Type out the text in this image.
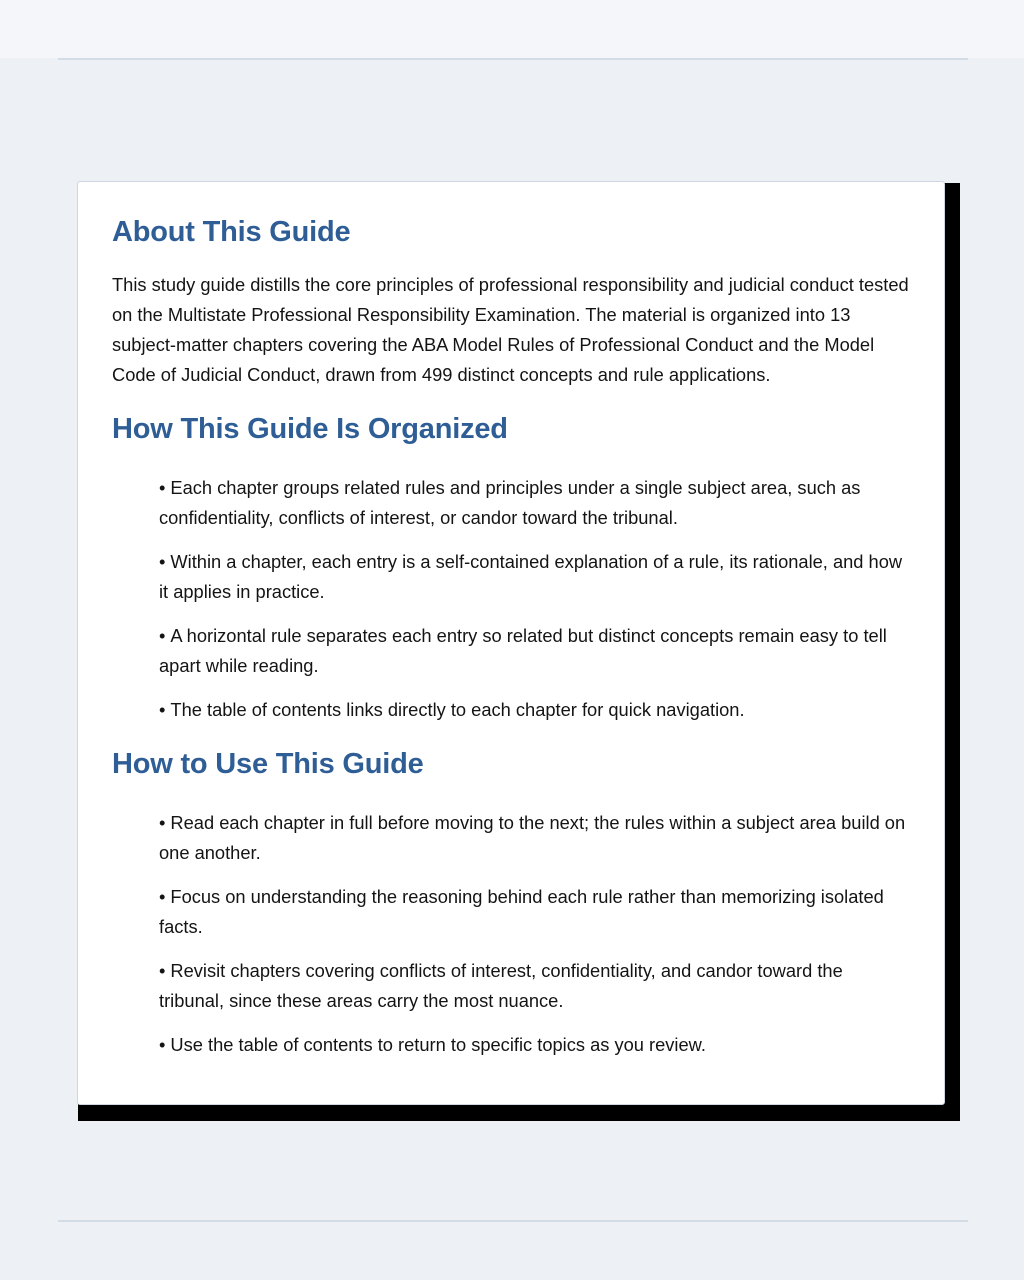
About This Guide

This study guide distills the core principles of professional responsibility and judicial conduct tested on the Multistate Professional Responsibility Examination. The material is organized into 13 subject-matter chapters covering the ABA Model Rules of Professional Conduct and the Model Code of Judicial Conduct, drawn from 499 distinct concepts and rule applications.

How This Guide Is Organized
• Each chapter groups related rules and principles under a single subject area, such as confidentiality, conflicts of interest, or candor toward the tribunal.
• Within a chapter, each entry is a self-contained explanation of a rule, its rationale, and how it applies in practice.
• A horizontal rule separates each entry so related but distinct concepts remain easy to tell apart while reading.
• The table of contents links directly to each chapter for quick navigation.
How to Use This Guide
• Read each chapter in full before moving to the next; the rules within a subject area build on one another.
• Focus on understanding the reasoning behind each rule rather than memorizing isolated facts.
• Revisit chapters covering conflicts of interest, confidentiality, and candor toward the tribunal, since these areas carry the most nuance.
• Use the table of contents to return to specific topics as you review.
